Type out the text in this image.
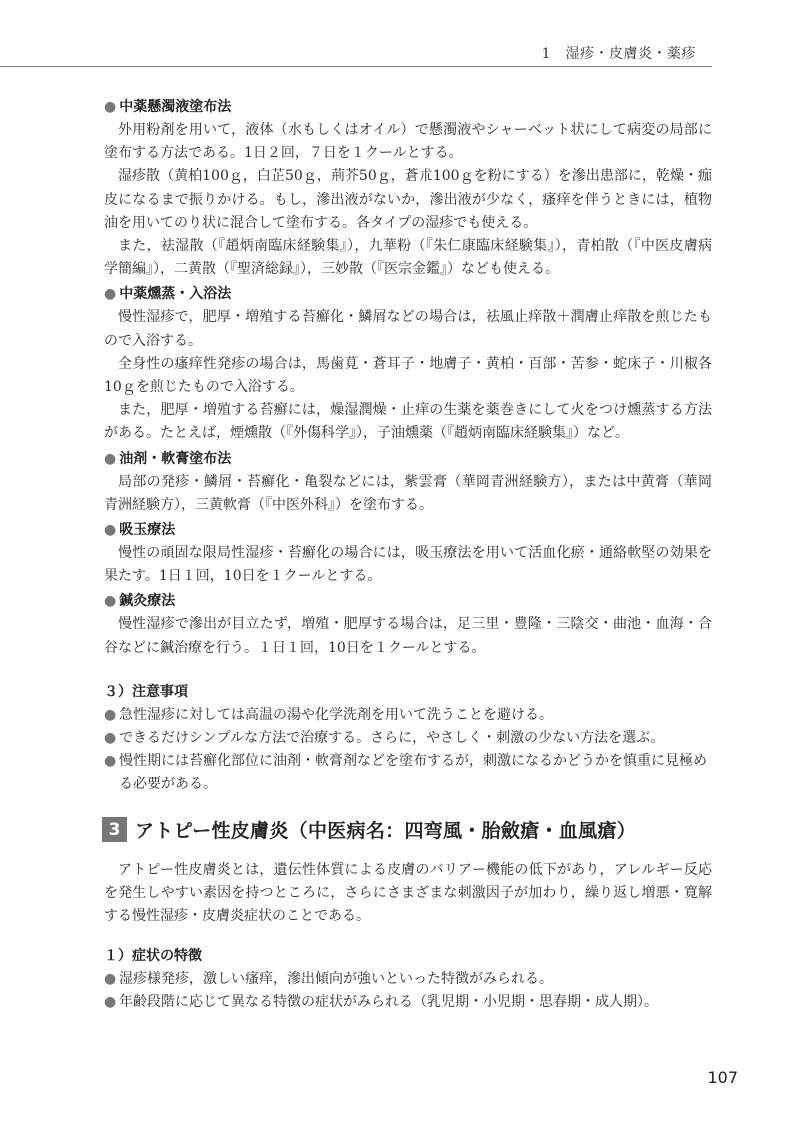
1　湿疹・皮膚炎・薬疹
● 中薬懸濁液塗布法

外用粉剤を用いて，液体（水もしくはオイル）で懸濁液やシャーベット状にして病変の局部に塗布する方法である。1日２回，７日を１クールとする。

湿疹散（黄柏100ｇ，白芷50ｇ，荊芥50ｇ，蒼朮100ｇを粉にする）を滲出患部に，乾燥・痂皮になるまで振りかける。もし，滲出液がないか，滲出液が少なく，瘙痒を伴うときには，植物油を用いてのり状に混合して塗布する。各タイプの湿疹でも使える。

また，祛湿散（『趙炳南臨床経験集』），九華粉（『朱仁康臨床経験集』），青柏散（『中医皮膚病学簡編』），二黄散（『聖済総録』），三妙散（『医宗金鑑』）なども使える。

● 中薬燻蒸・入浴法

慢性湿疹で，肥厚・増殖する苔癬化・鱗屑などの場合は，祛風止痒散＋潤膚止痒散を煎じたもので入浴する。

全身性の瘙痒性発疹の場合は，馬歯莧・蒼耳子・地膚子・黄柏・百部・苦参・蛇床子・川椒各10ｇを煎じたもので入浴する。

また，肥厚・増殖する苔癬には，燥湿潤燥・止痒の生薬を薬巻きにして火をつけ燻蒸する方法がある。たとえば，煙燻散（『外傷科学』），子油燻薬（『趙炳南臨床経験集』）など。

● 油剤・軟膏塗布法

局部の発疹・鱗屑・苔癬化・亀裂などには，紫雲膏（華岡青洲経験方），または中黄膏（華岡青洲経験方），三黄軟膏（『中医外科』）を塗布する。

● 吸玉療法

慢性の頑固な限局性湿疹・苔癬化の場合には，吸玉療法を用いて活血化瘀・通絡軟堅の効果を果たす。1日１回，10日を１クールとする。

● 鍼灸療法

慢性湿疹で滲出が目立たず，増殖・肥厚する場合は，足三里・豊隆・三陰交・曲池・血海・合谷などに鍼治療を行う。１日１回，10日を１クールとする。

３）注意事項

● 急性湿疹に対しては高温の湯や化学洗剤を用いて洗うことを避ける。

● できるだけシンプルな方法で治療する。さらに，やさしく・刺激の少ない方法を選ぶ。

● 慢性期には苔癬化部位に油剤・軟膏剤などを塗布するが，刺激になるかどうかを慎重に見極める必要がある。

3 アトピー性皮膚炎（中医病名：四弯風・胎斂瘡・血風瘡）

アトピー性皮膚炎とは，遺伝性体質による皮膚のバリアー機能の低下があり，アレルギー反応を発生しやすい素因を持つところに，さらにさまざまな刺激因子が加わり，繰り返し増悪・寛解する慢性湿疹・皮膚炎症状のことである。

１）症状の特徴

● 湿疹様発疹，激しい瘙痒，滲出傾向が強いといった特徴がみられる。

● 年齢段階に応じて異なる特徴の症状がみられる（乳児期・小児期・思春期・成人期）。

107
